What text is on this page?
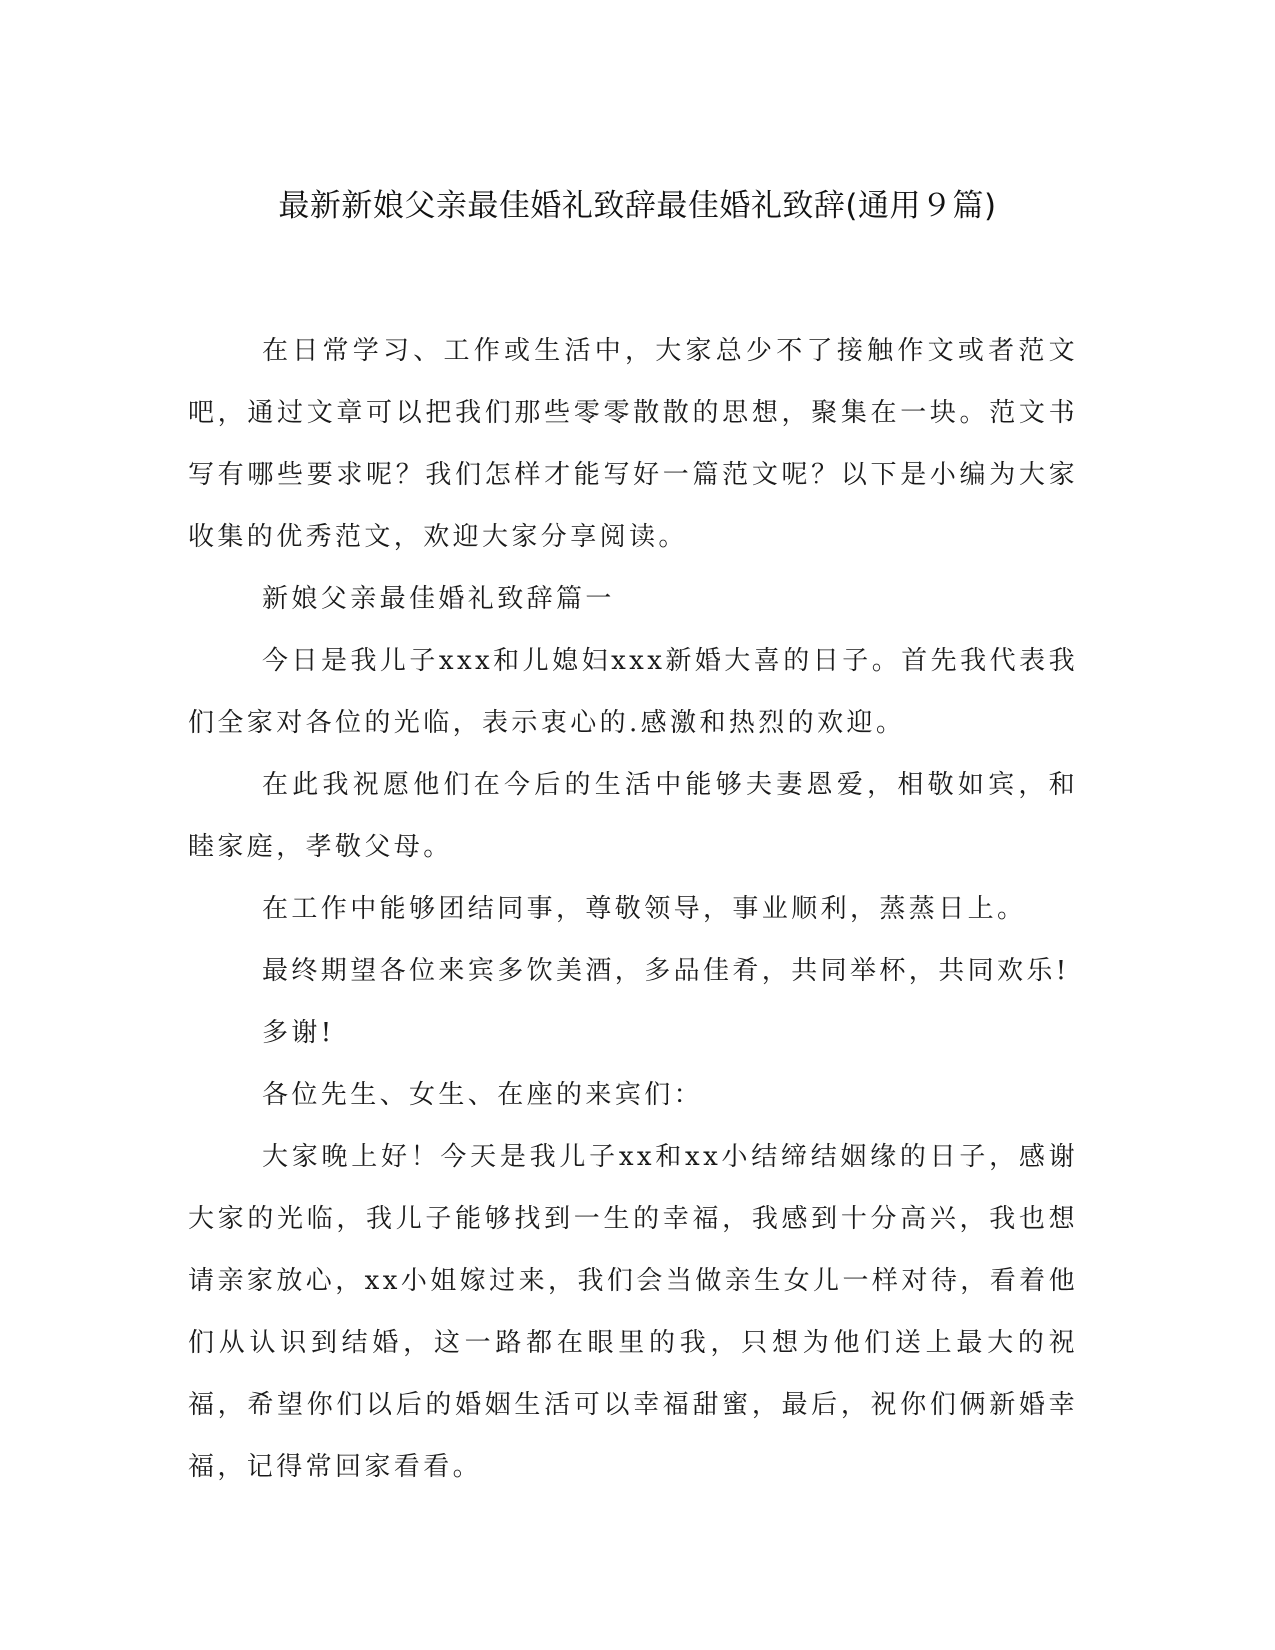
最新新娘父亲最佳婚礼致辞最佳婚礼致辞(通用９篇)

在日常学习、工作或生活中，大家总少不了接触作文或者范文吧，通过文章可以把我们那些零零散散的思想，聚集在一块。范文书写有哪些要求呢？我们怎样才能写好一篇范文呢？以下是小编为大家收集的优秀范文，欢迎大家分享阅读。

新娘父亲最佳婚礼致辞篇一

今日是我儿子xxx和儿媳妇xxx新婚大喜的日子。首先我代表我们全家对各位的光临，表示衷心的.感激和热烈的欢迎。

在此我祝愿他们在今后的生活中能够夫妻恩爱，相敬如宾，和睦家庭，孝敬父母。

在工作中能够团结同事，尊敬领导，事业顺利，蒸蒸日上。

最终期望各位来宾多饮美酒，多品佳肴，共同举杯，共同欢乐!

多谢!

各位先生、女生、在座的来宾们：

大家晚上好！今天是我儿子xx和xx小结缔结姻缘的日子，感谢大家的光临，我儿子能够找到一生的幸福，我感到十分高兴，我也想请亲家放心，xx小姐嫁过来，我们会当做亲生女儿一样对待，看着他们从认识到结婚，这一路都在眼里的我，只想为他们送上最大的祝福，希望你们以后的婚姻生活可以幸福甜蜜，最后，祝你们俩新婚幸福，记得常回家看看。
